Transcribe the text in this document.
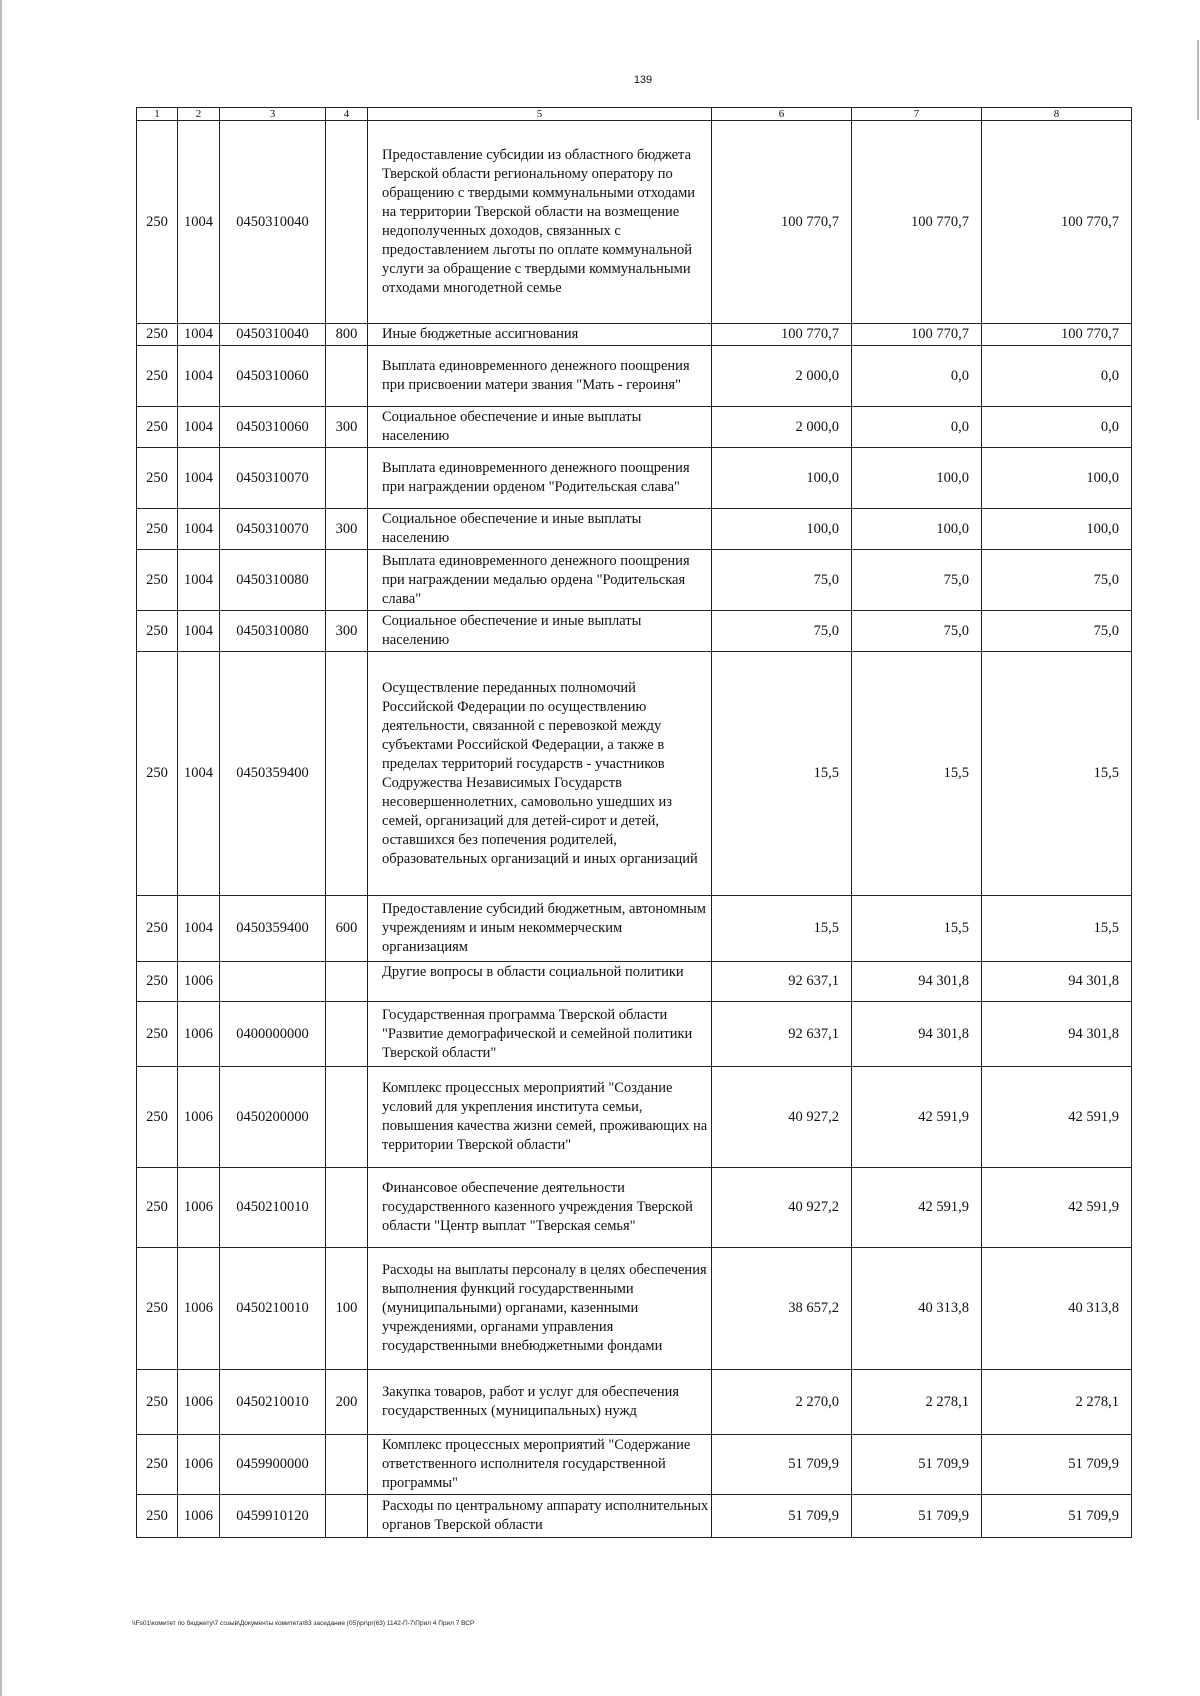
139
1	2	3	4	5	6	7	8
250	1004	0450310040		Предоставление субсидии из областного бюджета Тверской области региональному оператору по обращению с твердыми коммунальными отходами на территории Тверской области на возмещение недополученных доходов, связанных с предоставлением льготы по оплате коммунальной услуги за обращение с твердыми коммунальными отходами многодетной семье	100 770,7	100 770,7	100 770,7
250	1004	0450310040	800	Иные бюджетные ассигнования	100 770,7	100 770,7	100 770,7
250	1004	0450310060		Выплата единовременного денежного поощрения при присвоении матери звания "Мать - героиня"	2 000,0	0,0	0,0
250	1004	0450310060	300	Социальное обеспечение и иные выплаты населению	2 000,0	0,0	0,0
250	1004	0450310070		Выплата единовременного денежного поощрения при награждении орденом "Родительская слава"	100,0	100,0	100,0
250	1004	0450310070	300	Социальное обеспечение и иные выплаты населению	100,0	100,0	100,0
250	1004	0450310080		Выплата единовременного денежного поощрения при награждении медалью ордена "Родительская слава"	75,0	75,0	75,0
250	1004	0450310080	300	Социальное обеспечение и иные выплаты населению	75,0	75,0	75,0
250	1004	0450359400		Осуществление переданных полномочий Российской Федерации по осуществлению деятельности, связанной с перевозкой между субъектами Российской Федерации, а также в пределах территорий государств - участников Содружества Независимых Государств несовершеннолетних, самовольно ушедших из семей, организаций для детей-сирот и детей, оставшихся без попечения родителей, образовательных организаций и иных организаций	15,5	15,5	15,5
250	1004	0450359400	600	Предоставление субсидий бюджетным, автономным учреждениям и иным некоммерческим организациям	15,5	15,5	15,5
250	1006			Другие вопросы в области социальной политики	92 637,1	94 301,8	94 301,8
250	1006	0400000000		Государственная программа Тверской области "Развитие демографической и семейной политики Тверской области"	92 637,1	94 301,8	94 301,8
250	1006	0450200000		Комплекс процессных мероприятий "Создание условий для укрепления института семьи, повышения качества жизни семей, проживающих на территории Тверской области"	40 927,2	42 591,9	42 591,9
250	1006	0450210010		Финансовое обеспечение деятельности государственного казенного учреждения Тверской области "Центр выплат "Тверская семья"	40 927,2	42 591,9	42 591,9
250	1006	0450210010	100	Расходы на выплаты персоналу в целях обеспечения выполнения функций государственными (муниципальными) органами, казенными учреждениями, органами управления государственными внебюджетными фондами	38 657,2	40 313,8	40 313,8
250	1006	0450210010	200	Закупка товаров, работ и услуг для обеспечения государственных (муниципальных) нужд	2 270,0	2 278,1	2 278,1
250	1006	0459900000		Комплекс процессных мероприятий "Содержание ответственного исполнителя государственной программы"	51 709,9	51 709,9	51 709,9
250	1006	0459910120		Расходы по центральному аппарату исполнительных органов Тверской области	51 709,9	51 709,9	51 709,9
\\Fs01\комитет по бюджету\7 созыв\Документы комитета\63 заседание (05)\pr\pr(63) 1142-П-7\Прил 4 Прил 7 ВСР
